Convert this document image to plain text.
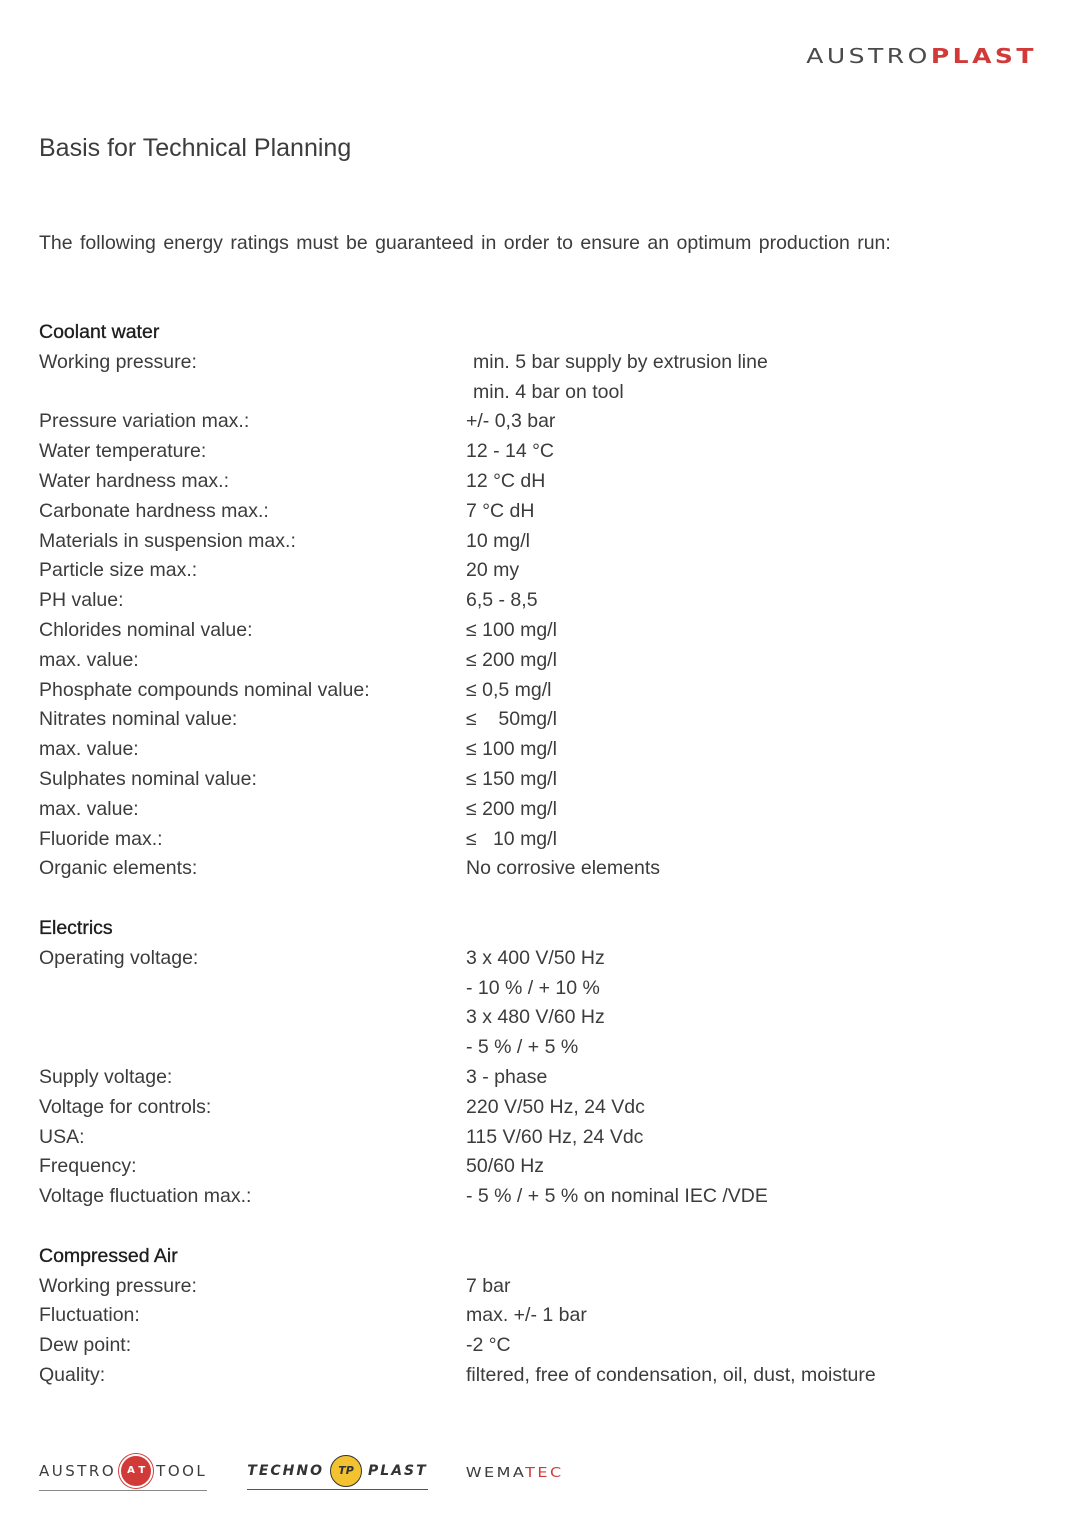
AUSTROPLAST
Basis for Technical Planning
The following energy ratings must be guaranteed in order to ensure an optimum production run:
Coolant water
Working pressure:	min. 5 bar supply by extrusion line
min. 4 bar on tool
Pressure variation max.:	+/- 0,3 bar
Water temperature:	12 - 14 °C
Water hardness max.:	12 °C dH
Carbonate hardness max.:	7 °C dH
Materials in suspension max.:	10 mg/l
Particle size max.:	20 my
PH value:	6,5 - 8,5
Chlorides nominal value:	≤ 100 mg/l
max. value:	≤ 200 mg/l
Phosphate compounds nominal value:	≤ 0,5 mg/l
Nitrates nominal value:	≤    50mg/l
max. value:	≤ 100 mg/l
Sulphates nominal value:	≤ 150 mg/l
max. value:	≤ 200 mg/l
Fluoride max.:	≤   10 mg/l
Organic elements:	No corrosive elements
Electrics
Operating voltage:	3 x 400 V/50 Hz
- 10 % / + 10 %
3 x 480 V/60 Hz
- 5 % / + 5 %
Supply voltage:	3 - phase
Voltage for controls:	220 V/50 Hz, 24 Vdc
USA:	115 V/60 Hz, 24 Vdc
Frequency:	50/60 Hz
Voltage fluctuation max.:	- 5 % / + 5 % on nominal IEC /VDE
Compressed Air
Working pressure:	7 bar
Fluctuation:	max. +/- 1 bar
Dew point:	-2 °C
Quality:	filtered, free of condensation, oil, dust, moisture
AUSTRO	A T TOOL	TECHNO	TP	PLAST WEMATEC
